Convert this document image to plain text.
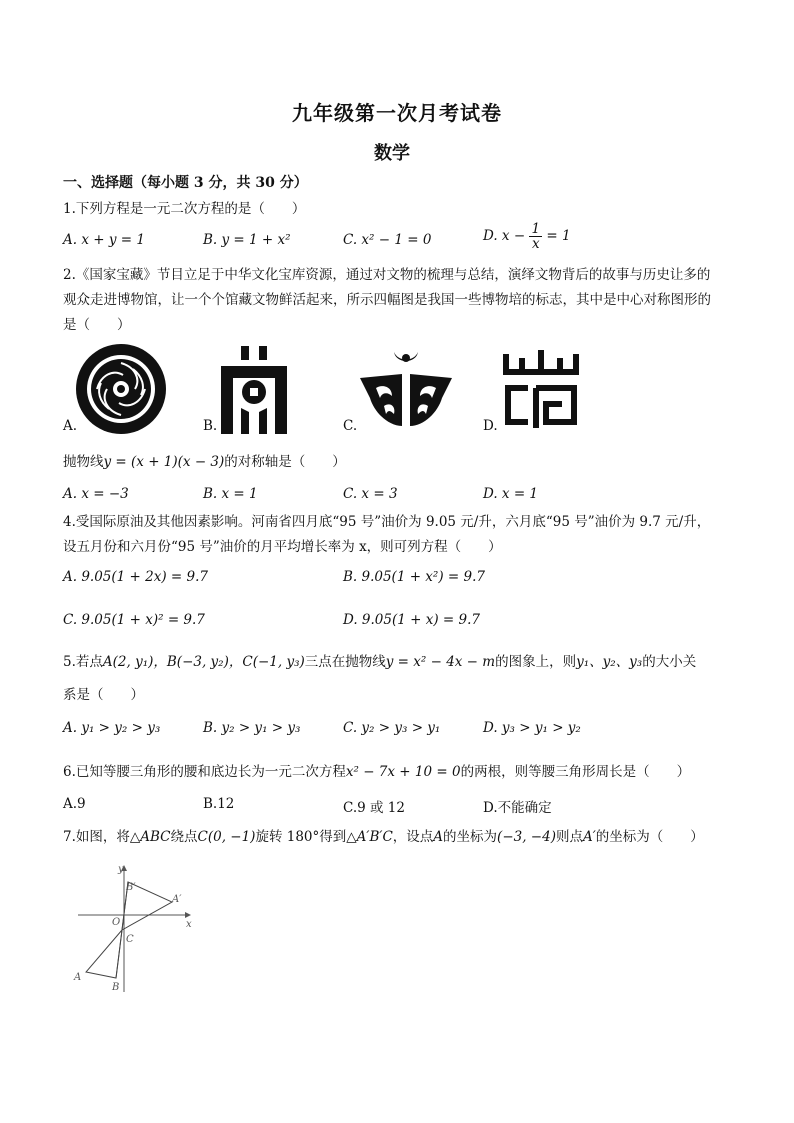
九年级第一次月考试卷
数学
一、选择题（每小题 3 分，共 30 分）
1.下列方程是一元二次方程的是（　　）
A. x + y = 1	B. y = 1 + x²	C. x² − 1 = 0	D. $x - \frac{1}{x} = 1$
2.《国家宝藏》节目立足于中华文化宝库资源，通过对文物的梳理与总结，演绎文物背后的故事与历史让多的
观众走进博物馆，让一个个馆藏文物鲜活起来，所示四幅图是我国一些博物培的标志，其中是中心对称图形的
是（　　）
A.	B.	C.	D.
抛物线y = (x + 1)(x − 3)的对称轴是（　　）
A. x = −3	B. x = 1	C. x = 3	D. x = 1
4.受国际原油及其他因素影响。河南省四月底“95 号”油价为 9.05 元/升，六月底“95 号”油价为 9.7 元/升，
设五月份和六月份“95 号”油价的月平均增长率为 x，则可列方程（　　）
A. 9.05(1 + 2x) = 9.7	B. 9.05(1 + x²) = 9.7
C. 9.05(1 + x)² = 9.7	D. 9.05(1 + x) = 9.7
5.若点A(2, y₁)，B(−3, y₂)，C(−1, y₃)三点在抛物线y = x² − 4x − m的图象上，则y₁、y₂、y₃的大小关
系是（　　）
A. y₁ > y₂ > y₃	B. y₂ > y₁ > y₃	C. y₂ > y₃ > y₁	D. y₃ > y₁ > y₂
6.已知等腰三角形的腰和底边长为一元二次方程x² − 7x + 10 = 0的两根，则等腰三角形周长是（　　）
A.9	B.12	C.9 或 12	D.不能确定
7.如图，将△ABC绕点C(0, −1)旋转 180°得到△A′B′C，设点A的坐标为(−3, −4)则点A′的坐标为（　　）
y
x
O
C
A
B
A′
B′
